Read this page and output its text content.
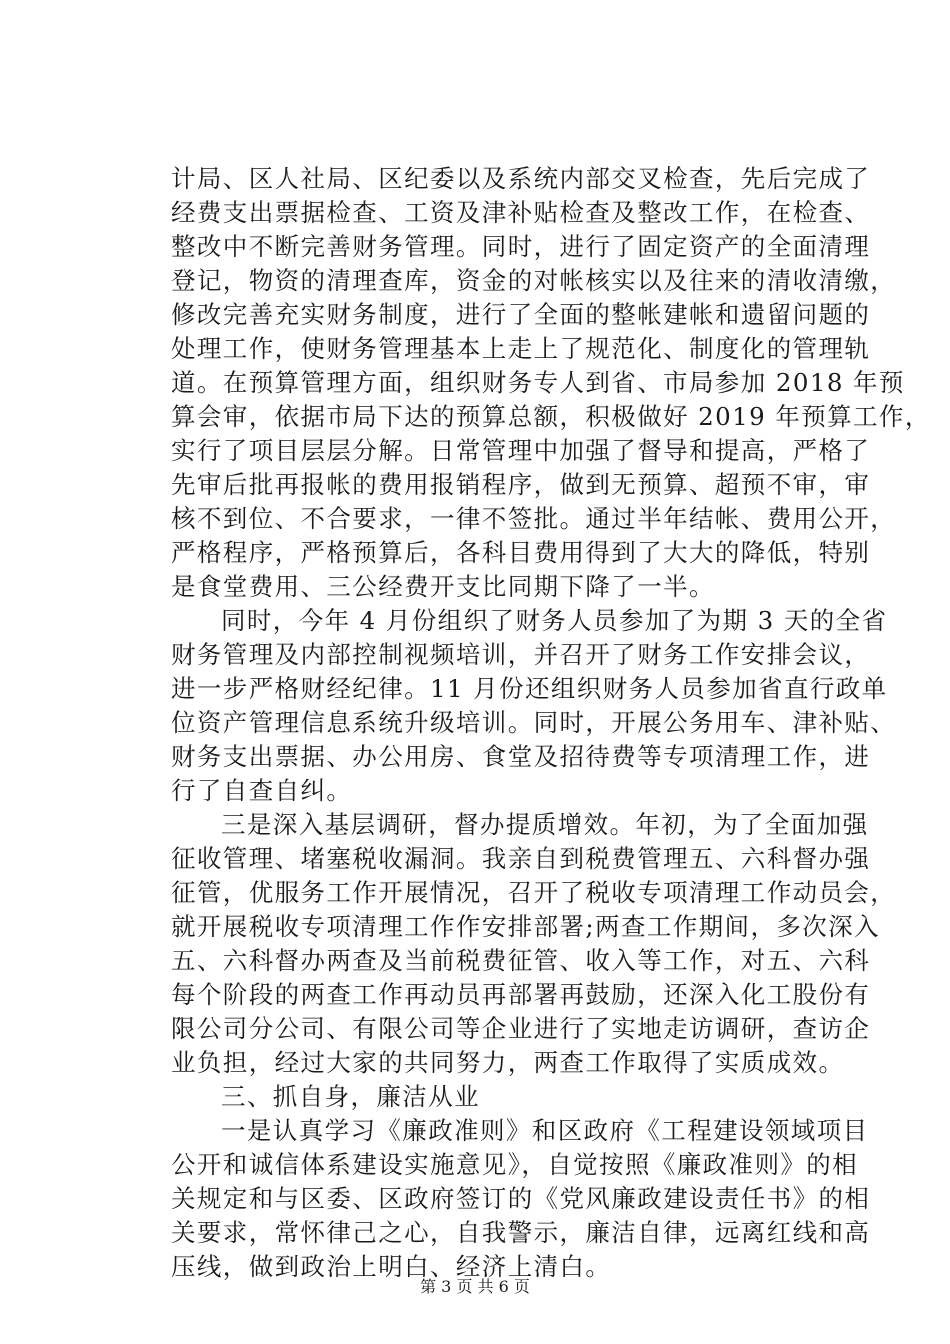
计局、区人社局、区纪委以及系统内部交叉检查，先后完成了
经费支出票据检查、工资及津补贴检查及整改工作，在检查、
整改中不断完善财务管理。同时，进行了固定资产的全面清理
登记，物资的清理查库，资金的对帐核实以及往来的清收清缴，
修改完善充实财务制度，进行了全面的整帐建帐和遗留问题的
处理工作，使财务管理基本上走上了规范化、制度化的管理轨
道。在预算管理方面，组织财务专人到省、市局参加 2018 年预
算会审，依据市局下达的预算总额，积极做好 2019 年预算工作，
实行了项目层层分解。日常管理中加强了督导和提高，严格了
先审后批再报帐的费用报销程序，做到无预算、超预不审，审
核不到位、不合要求，一律不签批。通过半年结帐、费用公开，
严格程序，严格预算后，各科目费用得到了大大的降低，特别
是食堂费用、三公经费开支比同期下降了一半。
同时，今年 4 月份组织了财务人员参加了为期 3 天的全省
财务管理及内部控制视频培训，并召开了财务工作安排会议，
进一步严格财经纪律。11 月份还组织财务人员参加省直行政单
位资产管理信息系统升级培训。同时，开展公务用车、津补贴、
财务支出票据、办公用房、食堂及招待费等专项清理工作，进
行了自查自纠。
三是深入基层调研，督办提质增效。年初，为了全面加强
征收管理、堵塞税收漏洞。我亲自到税费管理五、六科督办强
征管，优服务工作开展情况，召开了税收专项清理工作动员会，
就开展税收专项清理工作作安排部署;两查工作期间，多次深入
五、六科督办两查及当前税费征管、收入等工作，对五、六科
每个阶段的两查工作再动员再部署再鼓励，还深入化工股份有
限公司分公司、有限公司等企业进行了实地走访调研，查访企
业负担，经过大家的共同努力，两查工作取得了实质成效。
三、抓自身，廉洁从业
一是认真学习《廉政准则》和区政府《工程建设领域项目
公开和诚信体系建设实施意见》，自觉按照《廉政准则》的相
关规定和与区委、区政府签订的《党风廉政建设责任书》的相
关要求，常怀律己之心，自我警示，廉洁自律，远离红线和高
压线，做到政治上明白、经济上清白。
第 3 页 共 6 页
